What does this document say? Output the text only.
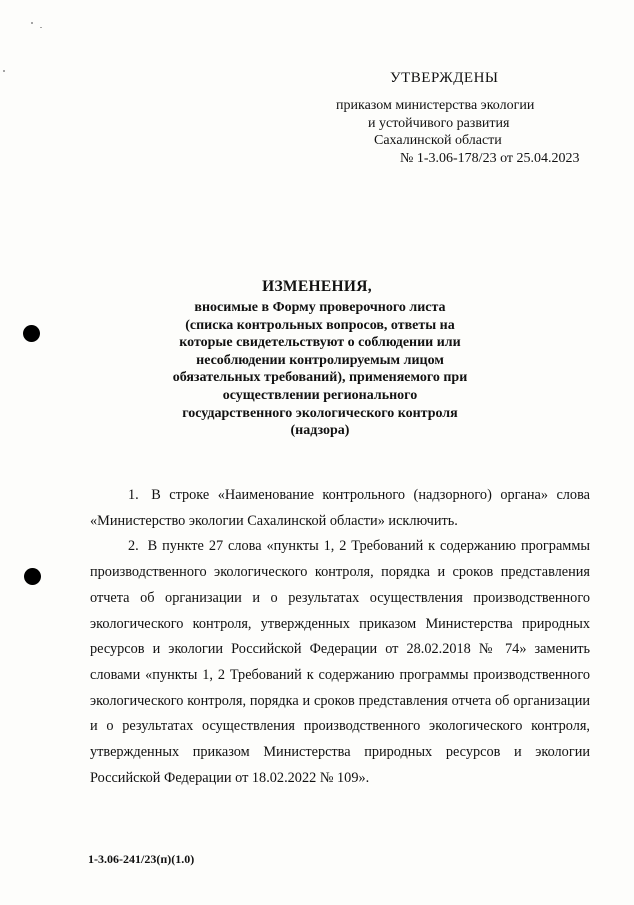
УТВЕРЖДЕНЫ
приказом министерства экологии
и устойчивого развития
Сахалинской области
№ 1-3.06-178/23 от 25.04.2023
ИЗМЕНЕНИЯ,
вносимые в Форму проверочного листа
(списка контрольных вопросов, ответы на
которые свидетельствуют о соблюдении или
несоблюдении контролируемым лицом
обязательных требований), применяемого при
осуществлении регионального
государственного экологического контроля
(надзора)

1. В строке «Наименование контрольного (надзорного) органа» слова «Министерство экологии Сахалинской области» исключить.

2. В пункте 27 слова «пункты 1, 2 Требований к содержанию программы производственного экологического контроля, порядка и сроков представления отчета об организации и о результатах осуществления производственного экологического контроля, утвержденных приказом Министерства природных ресурсов и экологии Российской Федерации от 28.02.2018 № 74» заменить словами «пункты 1, 2 Требований к содержанию программы производственного экологического контроля, порядка и сроков представления отчета об организации и о результатах осуществления производственного экологического контроля, утвержденных приказом Министерства природных ресурсов и экологии Российской Федерации от 18.02.2022 № 109».

1-3.06-241/23(п)(1.0)
